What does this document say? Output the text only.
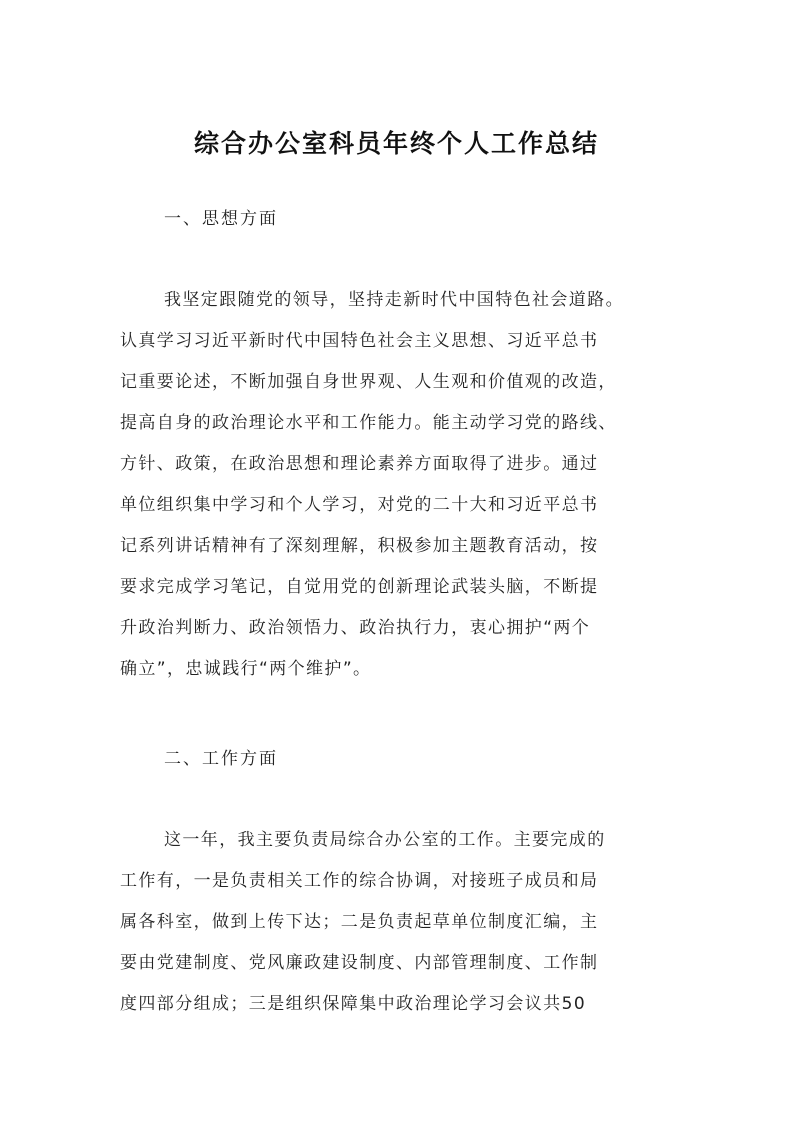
综合办公室科员年终个人工作总结
一、思想方面
我坚定跟随党的领导，坚持走新时代中国特色社会道路。
认真学习习近平新时代中国特色社会主义思想、习近平总书
记重要论述，不断加强自身世界观、人生观和价值观的改造，
提高自身的政治理论水平和工作能力。能主动学习党的路线、
方针、政策，在政治思想和理论素养方面取得了进步。通过
单位组织集中学习和个人学习，对党的二十大和习近平总书
记系列讲话精神有了深刻理解，积极参加主题教育活动，按
要求完成学习笔记，自觉用党的创新理论武装头脑，不断提
升政治判断力、政治领悟力、政治执行力，衷心拥护“两个
确立”，忠诚践行“两个维护”。
二、工作方面
这一年，我主要负责局综合办公室的工作。主要完成的
工作有，一是负责相关工作的综合协调，对接班子成员和局
属各科室，做到上传下达；二是负责起草单位制度汇编，主
要由党建制度、党风廉政建设制度、内部管理制度、工作制
度四部分组成；三是组织保障集中政治理论学习会议共50
